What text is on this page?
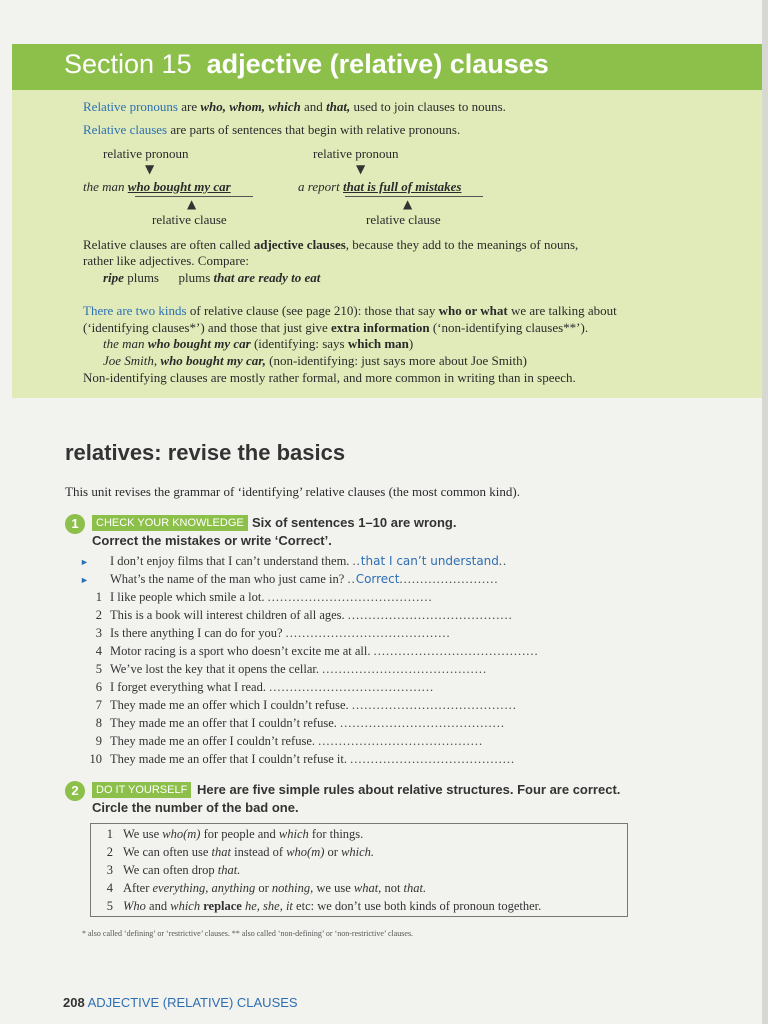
Section 15 adjective (relative) clauses
Relative pronouns are who, whom, which and that, used to join clauses to nouns.
Relative clauses are parts of sentences that begin with relative pronouns.
relative pronoun	relative pronoun
▼	▼
the man who bought my car	a report that is full of mistakes
▲	▲
relative clause	relative clause
Relative clauses are often called adjective clauses, because they add to the meanings of nouns,
rather like adjectives. Compare:
ripe plums      plums that are ready to eat
There are two kinds of relative clause (see page 210): those that say who or what we are talking about
(‘identifying clauses*’) and those that just give extra information (‘non-identifying clauses**’).
the man who bought my car (identifying: says which man)
Joe Smith, who bought my car, (non-identifying: just says more about Joe Smith)
Non-identifying clauses are mostly rather formal, and more common in writing than in speech.
relatives: revise the basics
This unit revises the grammar of ‘identifying’ relative clauses (the most common kind).
1	CHECK YOUR KNOWLEDGE Six of sentences 1–10 are wrong.
Correct the mistakes or write ‘Correct’.
► I don’t enjoy films that I can’t understand them. ..that I can’t understand..
► What’s the name of the man who just came in? ..Correct........................
1 I like people which smile a lot. ........................................
2 This is a book will interest children of all ages. ........................................
3 Is there anything I can do for you? ........................................
4 Motor racing is a sport who doesn’t excite me at all. ........................................
5 We’ve lost the key that it opens the cellar. ........................................
6 I forget everything what I read. ........................................
7 They made me an offer which I couldn’t refuse. ........................................
8 They made me an offer that I couldn’t refuse. ........................................
9 They made me an offer I couldn’t refuse. ........................................
10 They made me an offer that I couldn’t refuse it. ........................................
2	DO IT YOURSELF Here are five simple rules about relative structures. Four are correct.
Circle the number of the bad one.
1 We use who(m) for people and which for things.
2 We can often use that instead of who(m) or which.
3 We can often drop that.
4 After everything, anything or nothing, we use what, not that.
5 Who and which replace he, she, it etc: we don’t use both kinds of pronoun together.
* also called ‘defining’ or ‘restrictive’ clauses. ** also called ‘non-defining’ or ‘non-restrictive’ clauses.
208 ADJECTIVE (RELATIVE) CLAUSES
